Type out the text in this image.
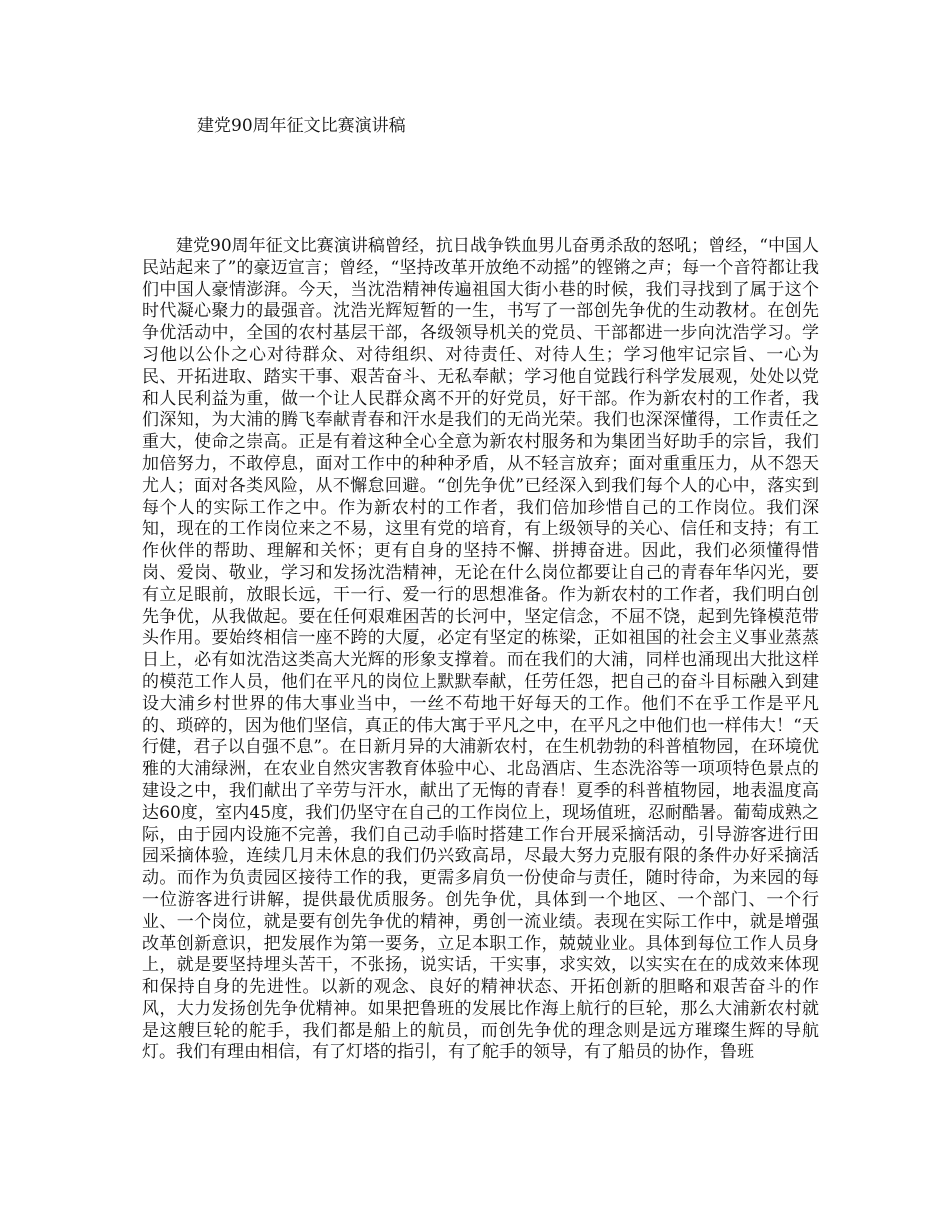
建党90周年征文比赛演讲稿

建党90周年征文比赛演讲稿曾经，抗日战争铁血男儿奋勇杀敌的怒吼；曾经，“中国人民站起来了”的豪迈宣言；曾经，“坚持改革开放绝不动摇”的铿锵之声；每一个音符都让我们中国人豪情澎湃。今天，当沈浩精神传遍祖国大街小巷的时候，我们寻找到了属于这个时代凝心聚力的最强音。沈浩光辉短暂的一生，书写了一部创先争优的生动教材。在创先争优活动中，全国的农村基层干部，各级领导机关的党员、干部都进一步向沈浩学习。学习他以公仆之心对待群众、对待组织、对待责任、对待人生；学习他牢记宗旨、一心为民、开拓进取、踏实干事、艰苦奋斗、无私奉献；学习他自觉践行科学发展观，处处以党和人民利益为重，做一个让人民群众离不开的好党员，好干部。作为新农村的工作者，我们深知，为大浦的腾飞奉献青春和汗水是我们的无尚光荣。我们也深深懂得，工作责任之重大，使命之崇高。正是有着这种全心全意为新农村服务和为集团当好助手的宗旨，我们加倍努力，不敢停息，面对工作中的种种矛盾，从不轻言放弃；面对重重压力，从不怨天尤人；面对各类风险，从不懈怠回避。“创先争优”已经深入到我们每个人的心中，落实到每个人的实际工作之中。作为新农村的工作者，我们倍加珍惜自己的工作岗位。我们深知，现在的工作岗位来之不易，这里有党的培育，有上级领导的关心、信任和支持；有工作伙伴的帮助、理解和关怀；更有自身的坚持不懈、拼搏奋进。因此，我们必须懂得惜岗、爱岗、敬业，学习和发扬沈浩精神，无论在什么岗位都要让自己的青春年华闪光，要有立足眼前，放眼长远，干一行、爱一行的思想准备。作为新农村的工作者，我们明白创先争优，从我做起。要在任何艰难困苦的长河中，坚定信念，不屈不饶，起到先锋模范带头作用。要始终相信一座不跨的大厦，必定有坚定的栋梁，正如祖国的社会主义事业蒸蒸日上，必有如沈浩这类高大光辉的形象支撑着。而在我们的大浦，同样也涌现出大批这样的模范工作人员，他们在平凡的岗位上默默奉献，任劳任怨，把自己的奋斗目标融入到建设大浦乡村世界的伟大事业当中，一丝不苟地干好每天的工作。他们不在乎工作是平凡的、琐碎的，因为他们坚信，真正的伟大寓于平凡之中，在平凡之中他们也一样伟大！“天行健，君子以自强不息”。在日新月异的大浦新农村，在生机勃勃的科普植物园，在环境优雅的大浦绿洲，在农业自然灾害教育体验中心、北岛酒店、生态洗浴等一项项特色景点的建设之中，我们献出了辛劳与汗水，献出了无悔的青春！夏季的科普植物园，地表温度高达60度，室内45度，我们仍坚守在自己的工作岗位上，现场值班，忍耐酷暑。葡萄成熟之际，由于园内设施不完善，我们自己动手临时搭建工作台开展采摘活动，引导游客进行田园采摘体验，连续几月未休息的我们仍兴致高昂，尽最大努力克服有限的条件办好采摘活动。而作为负责园区接待工作的我，更需多肩负一份使命与责任，随时待命，为来园的每一位游客进行讲解，提供最优质服务。创先争优，具体到一个地区、一个部门、一个行业、一个岗位，就是要有创先争优的精神，勇创一流业绩。表现在实际工作中，就是增强改革创新意识，把发展作为第一要务，立足本职工作，兢兢业业。具体到每位工作人员身上，就是要坚持埋头苦干，不张扬，说实话，干实事，求实效，以实实在在的成效来体现和保持自身的先进性。以新的观念、良好的精神状态、开拓创新的胆略和艰苦奋斗的作风，大力发扬创先争优精神。如果把鲁班的发展比作海上航行的巨轮，那么大浦新农村就是这艘巨轮的舵手，我们都是船上的航员，而创先争优的理念则是远方璀璨生辉的导航灯。我们有理由相信，有了灯塔的指引，有了舵手的领导，有了船员的协作，鲁班
